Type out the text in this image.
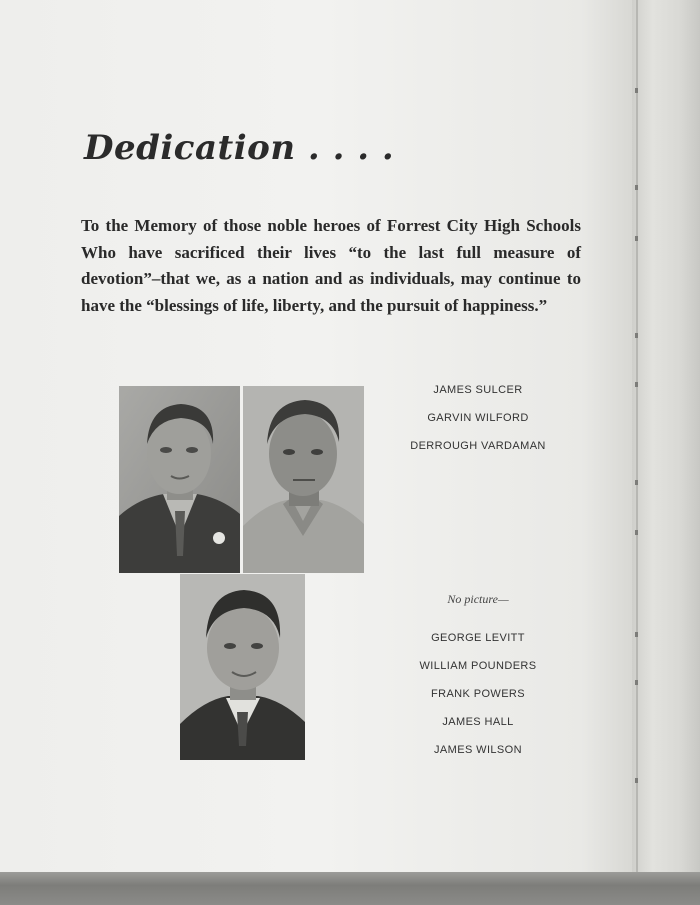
Dedication . . . .

To the Memory of those noble heroes of Forrest City High Schools Who have sacrificed their lives “to the last full measure of devotion”–that we, as a nation and as individuals, may continue to have the “blessings of life, liberty, and the pursuit of happiness.”

JAMES SULCER

GARVIN WILFORD

DERROUGH VARDAMAN

No picture—

GEORGE LEVITT

WILLIAM POUNDERS

FRANK POWERS

JAMES HALL

JAMES WILSON
